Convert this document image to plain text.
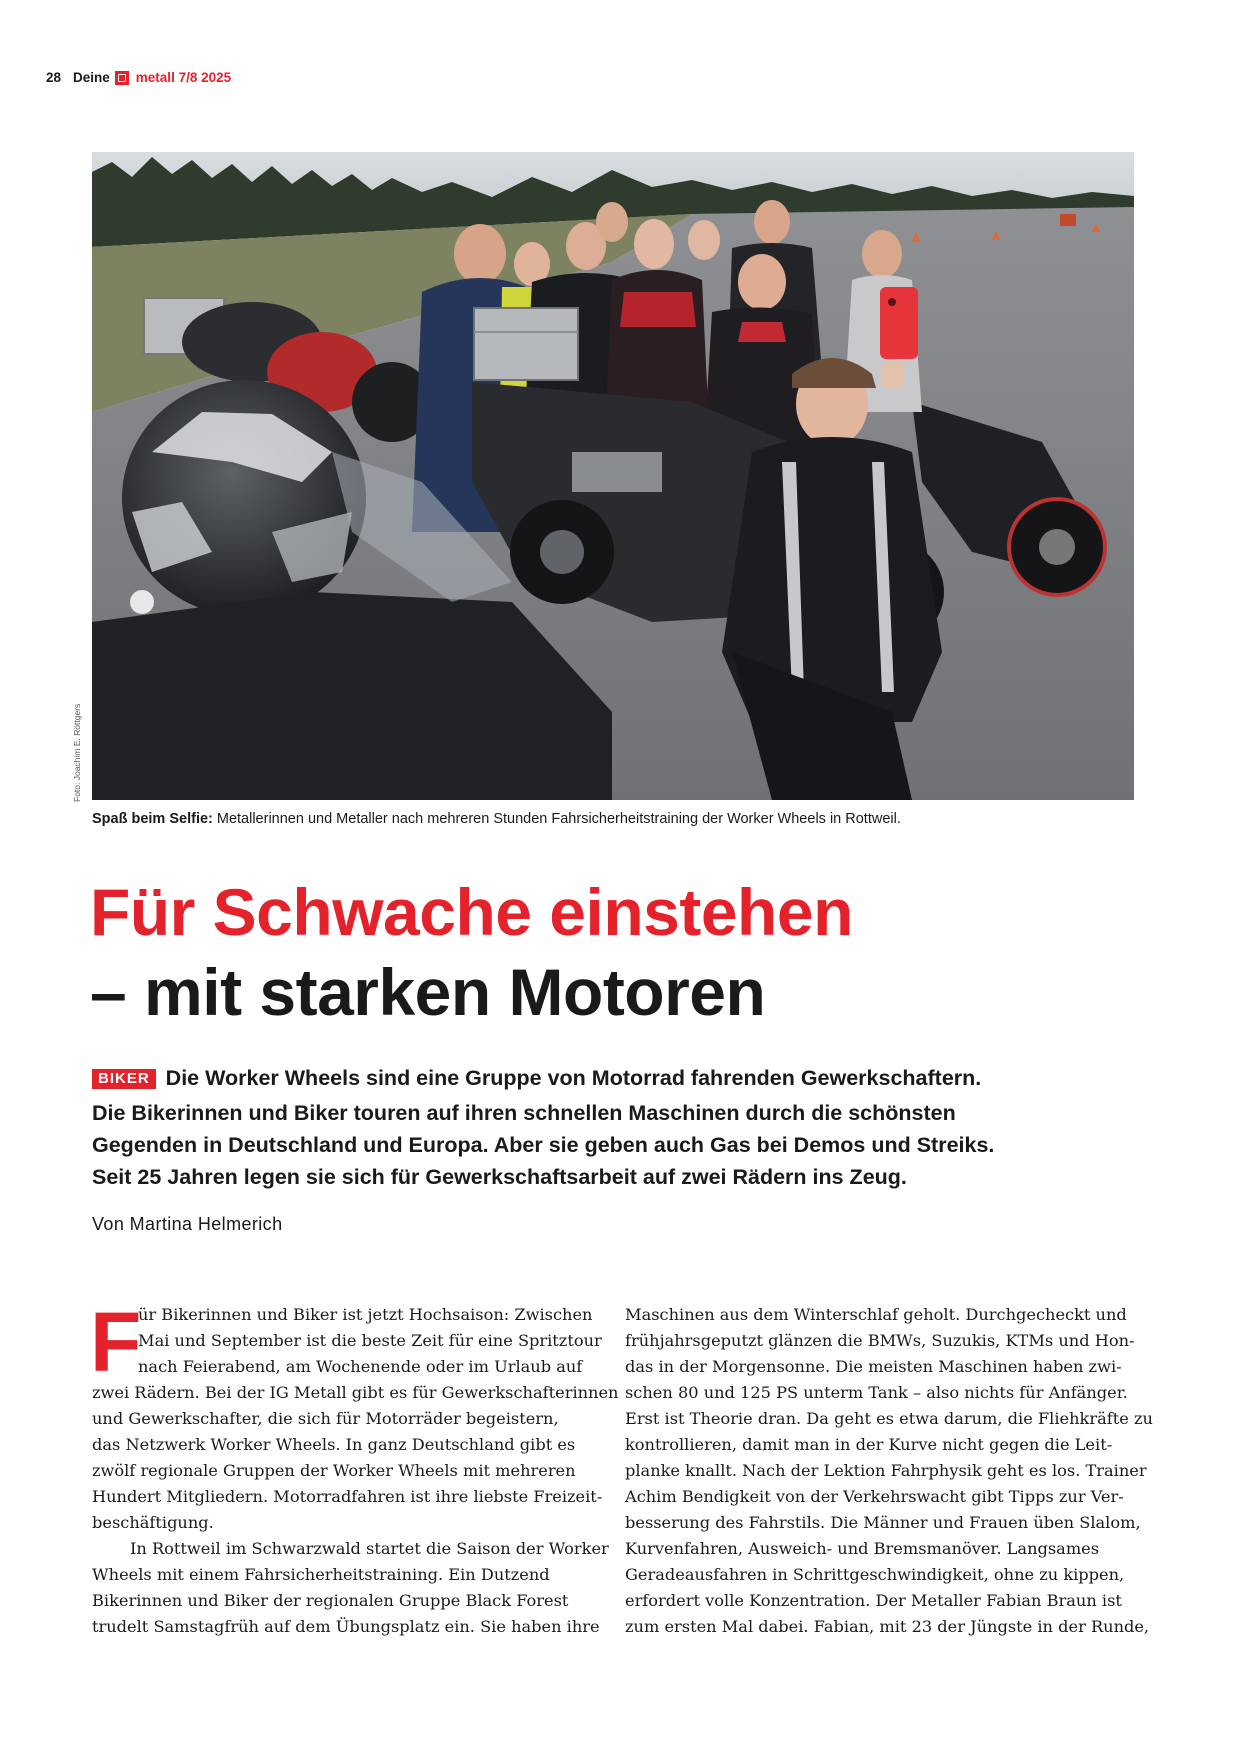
28 Deine metall 7/8 2025
Foto: Joachim E. Röttgers
Spaß beim Selfie: Metallerinnen und Metaller nach mehreren Stunden Fahrsicherheitstraining der Worker Wheels in Rottweil.
Für Schwache einstehen
– mit starken Motoren
BIKER Die Worker Wheels sind eine Gruppe von Motorrad fahrenden Gewerkschaftern.
Die Bikerinnen und Biker touren auf ihren schnellen Maschinen durch die schönsten
Gegenden in Deutschland und Europa. Aber sie geben auch Gas bei Demos und Streiks.
Seit 25 Jahren legen sie sich für Gewerkschaftsarbeit auf zwei Rädern ins Zeug.
Von Martina Helmerich
F
ür Bikerinnen und Biker ist jetzt Hochsaison: Zwischen
Mai und September ist die beste Zeit für eine Spritztour
nach Feierabend, am Wochenende oder im Urlaub auf
zwei Rädern. Bei der IG Metall gibt es für Gewerkschafterinnen
und Gewerkschafter, die sich für Motorräder begeistern,
das Netzwerk Worker Wheels. In ganz Deutschland gibt es
zwölf regionale Gruppen der Worker Wheels mit mehreren
Hundert Mitgliedern. Motorradfahren ist ihre liebste Freizeit-
beschäftigung.
In Rottweil im Schwarzwald startet die Saison der Worker
Wheels mit einem Fahrsicherheitstraining. Ein Dutzend
Bikerinnen und Biker der regionalen Gruppe Black Forest
trudelt Samstagfrüh auf dem Übungsplatz ein. Sie haben ihre
Maschinen aus dem Winterschlaf geholt. Durchgecheckt und
frühjahrsgeputzt glänzen die BMWs, Suzukis, KTMs und Hon-
das in der Morgensonne. Die meisten Maschinen haben zwi-
schen 80 und 125 PS unterm Tank – also nichts für Anfänger.
Erst ist Theorie dran. Da geht es etwa darum, die Fliehkräfte zu
kontrollieren, damit man in der Kurve nicht gegen die Leit-
planke knallt. Nach der Lektion Fahrphysik geht es los. Trainer
Achim Bendigkeit von der Verkehrswacht gibt Tipps zur Ver-
besserung des Fahrstils. Die Männer und Frauen üben Slalom,
Kurvenfahren, Ausweich- und Bremsmanöver. Langsames
Geradeausfahren in Schrittgeschwindigkeit, ohne zu kippen,
erfordert volle Konzentration. Der Metaller Fabian Braun ist
zum ersten Mal dabei. Fabian, mit 23 der Jüngste in der Runde,
